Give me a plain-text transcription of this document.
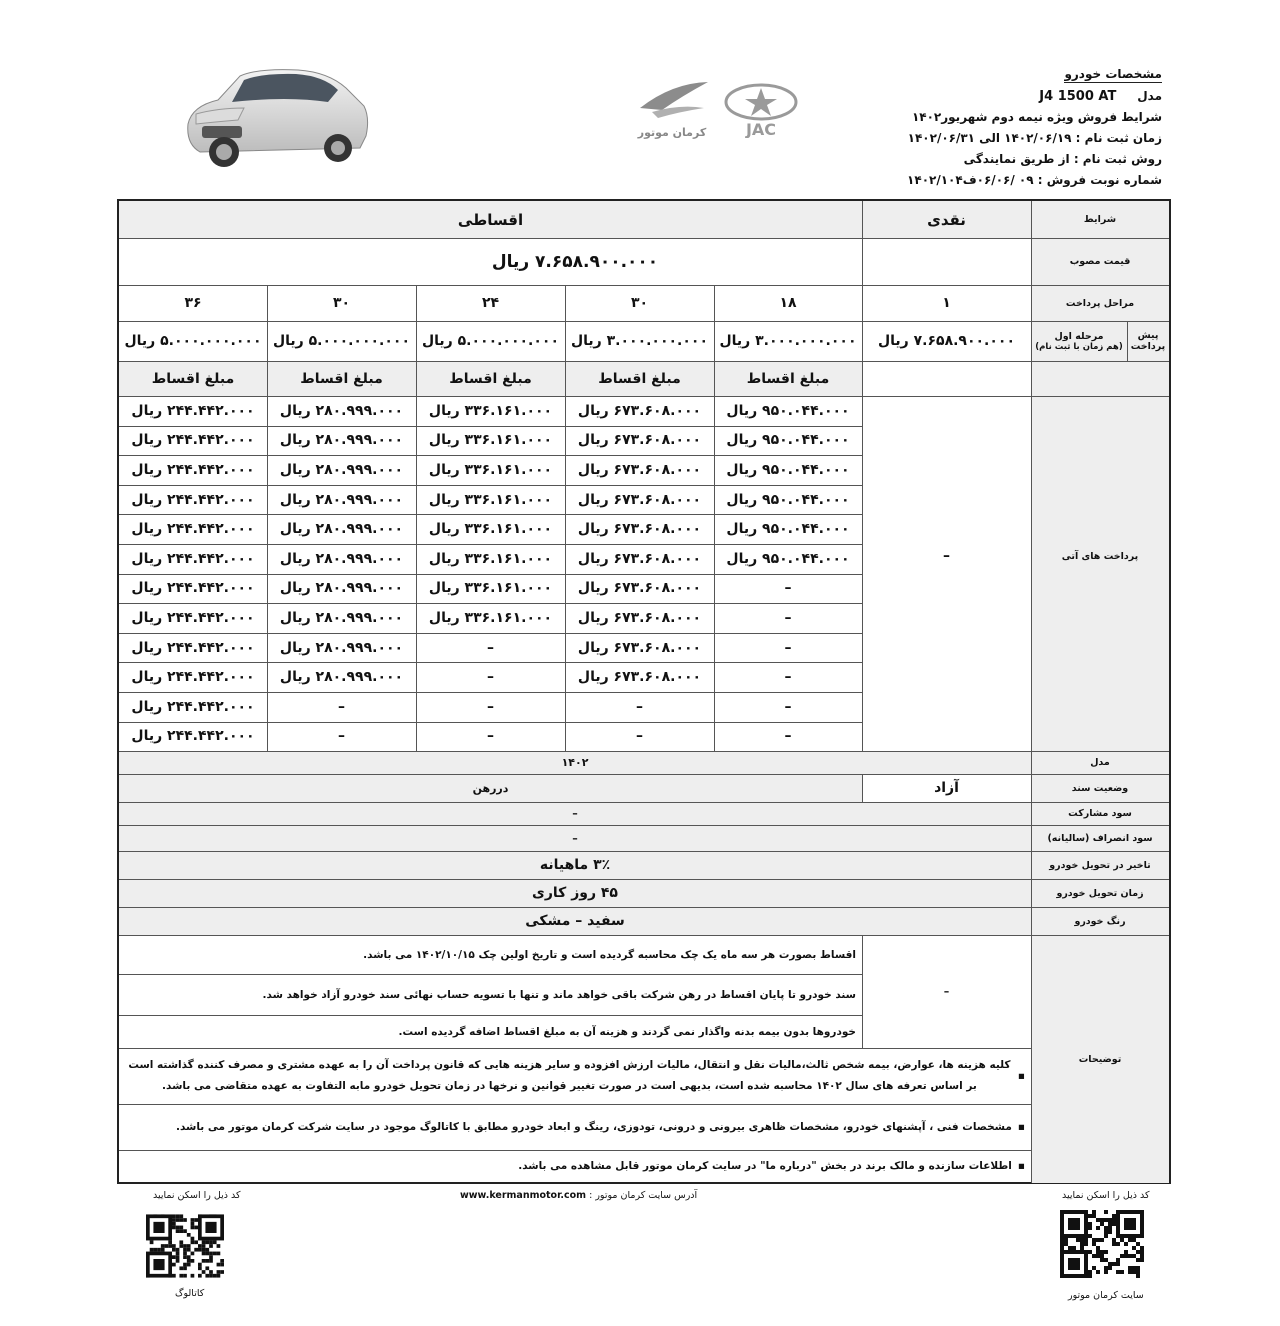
مشخصات خودرو
مدل     J4 1500 AT
شرایط فروش ویژه نیمه دوم شهریور۱۴۰۲
زمان ثبت نام : ۱۴۰۲/۰۶/۱۹ الی ۱۴۰۲/۰۶/۳۱
روش ثبت نام : از طریق نمایندگی
شماره نوبت فروش : ۰۹ /۰۶/۰۶ف۱۴۰۲/۱۰۴
JAC
کرمان موتور
شرایط
قیمت مصوب
مراحل پرداخت
مرحله اول
(هم زمان با ثبت نام)
پیش پرداخت
پرداخت های آتی
مدل
وضعیت سند
سود مشارکت
سود انصراف (سالیانه)
تاخیر در تحویل خودرو
زمان تحویل خودرو
رنگ خودرو
توضیحات
نقدی
اقساطی
۷.۶۵۸.۹۰۰.۰۰۰ ریال
۱
۷.۶۵۸.۹۰۰.۰۰۰ ریال
–
۱۸
۳.۰۰۰.۰۰۰.۰۰۰ ریال
مبلغ اقساط
۹۵۰.۰۴۴.۰۰۰ ریال
۹۵۰.۰۴۴.۰۰۰ ریال
۹۵۰.۰۴۴.۰۰۰ ریال
۹۵۰.۰۴۴.۰۰۰ ریال
۹۵۰.۰۴۴.۰۰۰ ریال
۹۵۰.۰۴۴.۰۰۰ ریال
–
–
–
–
–
–
۳۰
۳.۰۰۰.۰۰۰.۰۰۰ ریال
مبلغ اقساط
۶۷۳.۶۰۸.۰۰۰ ریال
۶۷۳.۶۰۸.۰۰۰ ریال
۶۷۳.۶۰۸.۰۰۰ ریال
۶۷۳.۶۰۸.۰۰۰ ریال
۶۷۳.۶۰۸.۰۰۰ ریال
۶۷۳.۶۰۸.۰۰۰ ریال
۶۷۳.۶۰۸.۰۰۰ ریال
۶۷۳.۶۰۸.۰۰۰ ریال
۶۷۳.۶۰۸.۰۰۰ ریال
۶۷۳.۶۰۸.۰۰۰ ریال
–
–
۲۴
۵.۰۰۰.۰۰۰.۰۰۰ ریال
مبلغ اقساط
۳۳۶.۱۶۱.۰۰۰ ریال
۳۳۶.۱۶۱.۰۰۰ ریال
۳۳۶.۱۶۱.۰۰۰ ریال
۳۳۶.۱۶۱.۰۰۰ ریال
۳۳۶.۱۶۱.۰۰۰ ریال
۳۳۶.۱۶۱.۰۰۰ ریال
۳۳۶.۱۶۱.۰۰۰ ریال
۳۳۶.۱۶۱.۰۰۰ ریال
–
–
–
–
۳۰
۵.۰۰۰.۰۰۰.۰۰۰ ریال
مبلغ اقساط
۲۸۰.۹۹۹.۰۰۰ ریال
۲۸۰.۹۹۹.۰۰۰ ریال
۲۸۰.۹۹۹.۰۰۰ ریال
۲۸۰.۹۹۹.۰۰۰ ریال
۲۸۰.۹۹۹.۰۰۰ ریال
۲۸۰.۹۹۹.۰۰۰ ریال
۲۸۰.۹۹۹.۰۰۰ ریال
۲۸۰.۹۹۹.۰۰۰ ریال
۲۸۰.۹۹۹.۰۰۰ ریال
۲۸۰.۹۹۹.۰۰۰ ریال
–
–
۳۶
۵.۰۰۰.۰۰۰.۰۰۰ ریال
مبلغ اقساط
۲۴۴.۴۴۲.۰۰۰ ریال
۲۴۴.۴۴۲.۰۰۰ ریال
۲۴۴.۴۴۲.۰۰۰ ریال
۲۴۴.۴۴۲.۰۰۰ ریال
۲۴۴.۴۴۲.۰۰۰ ریال
۲۴۴.۴۴۲.۰۰۰ ریال
۲۴۴.۴۴۲.۰۰۰ ریال
۲۴۴.۴۴۲.۰۰۰ ریال
۲۴۴.۴۴۲.۰۰۰ ریال
۲۴۴.۴۴۲.۰۰۰ ریال
۲۴۴.۴۴۲.۰۰۰ ریال
۲۴۴.۴۴۲.۰۰۰ ریال
۱۴۰۲
آزاد
دررهن
–
–
۳٪ ماهیانه
۴۵ روز کاری
سفید – مشکی
–
اقساط بصورت هر سه ماه یک چک محاسبه گردیده است و تاریخ اولین چک ۱۴۰۲/۱۰/۱۵ می باشد.
سند خودرو تا پایان اقساط در رهن شرکت باقی خواهد ماند و تنها با تسویه حساب نهائی سند خودرو آزاد خواهد شد.
خودروها بدون بیمه بدنه واگذار نمی گردند و هزینه آن به مبلغ اقساط اضافه گردیده است.
▪
کلیه هزینه ها، عوارض، بیمه شخص ثالث،مالیات نقل و انتقال، مالیات ارزش افزوده و سایر هزینه هایی که قانون پرداخت آن را به عهده مشتری و مصرف کننده گذاشته است بر اساس تعرفه های سال ۱۴۰۲ محاسبه شده است، بدیهی است در صورت تغییر قوانین و نرخها در زمان تحویل خودرو مابه التفاوت به عهده متقاضی می باشد.
▪
مشخصات فنی ، آپشنهای خودرو، مشخصات ظاهری بیرونی و درونی، تودوزی، رینگ و ابعاد خودرو مطابق با کاتالوگ موجود در سایت شرکت کرمان موتور می باشد.
▪
اطلاعات سازنده و مالک برند در بخش "درباره ما" در سایت کرمان موتور قابل مشاهده می باشد.
آدرس سایت کرمان موتور : www.kermanmotor.com	کد ذیل را اسکن نمایید
کد ذیل را اسکن نمایید
سایت کرمان موتور
کاتالوگ
